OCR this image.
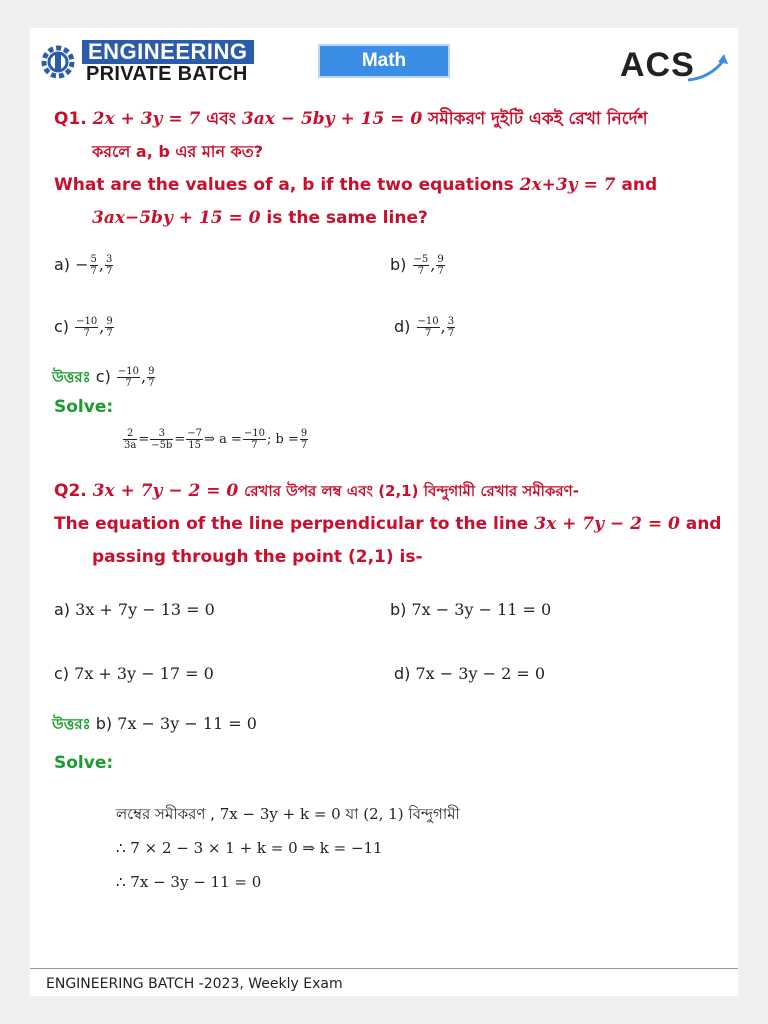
ENGINEERING
PRIVATE BATCH
Math	ACS
Q1. 2x + 3y = 7 এবং 3ax − 5by + 15 = 0 সমীকরণ দুইটি একই রেখা নির্দেশ
করলে a, b এর মান কত?
What are the values of a, b if the two equations 2x+3y = 7 and
3ax−5by + 15 = 0 is the same line?
$a) - \frac{5}{7}$ , $\frac{3}{7}$	$b) \frac{-5}{7}$ , $\frac{9}{7}$
$c) \frac{-10}{7}$ , $\frac{9}{7}$	$d) \frac{-10}{7}$ , $\frac{3}{7}$
উত্তরঃ $c) \frac{-10}{7}$ , $\frac{9}{7}$
Solve:
$\frac{2}{3a} = \frac{3}{-5b} = \frac{-7}{15}$ ⇒ $a = \frac{-10}{7}$ ; $b = \frac{9}{7}$
Q2. 3x + 7y − 2 = 0 রেখার উপর লম্ব এবং (2,1) বিন্দুগামী রেখার সমীকরণ-
The equation of the line perpendicular to the line 3x + 7y − 2 = 0 and
passing through the point (2,1) is-
a) 3x + 7y − 13 = 0	b) 7x − 3y − 11 = 0
c) 7x + 3y − 17 = 0	d) 7x − 3y − 2 = 0
উত্তরঃ b) 7x − 3y − 11 = 0
Solve:
লম্বের সমীকরণ , 7x − 3y + k = 0 যা (2, 1) বিন্দুগামী
∴ 7 × 2 − 3 × 1 + k = 0 ⇒ k = −11
∴ 7x − 3y − 11 = 0
ENGINEERING BATCH -2023, Weekly Exam
